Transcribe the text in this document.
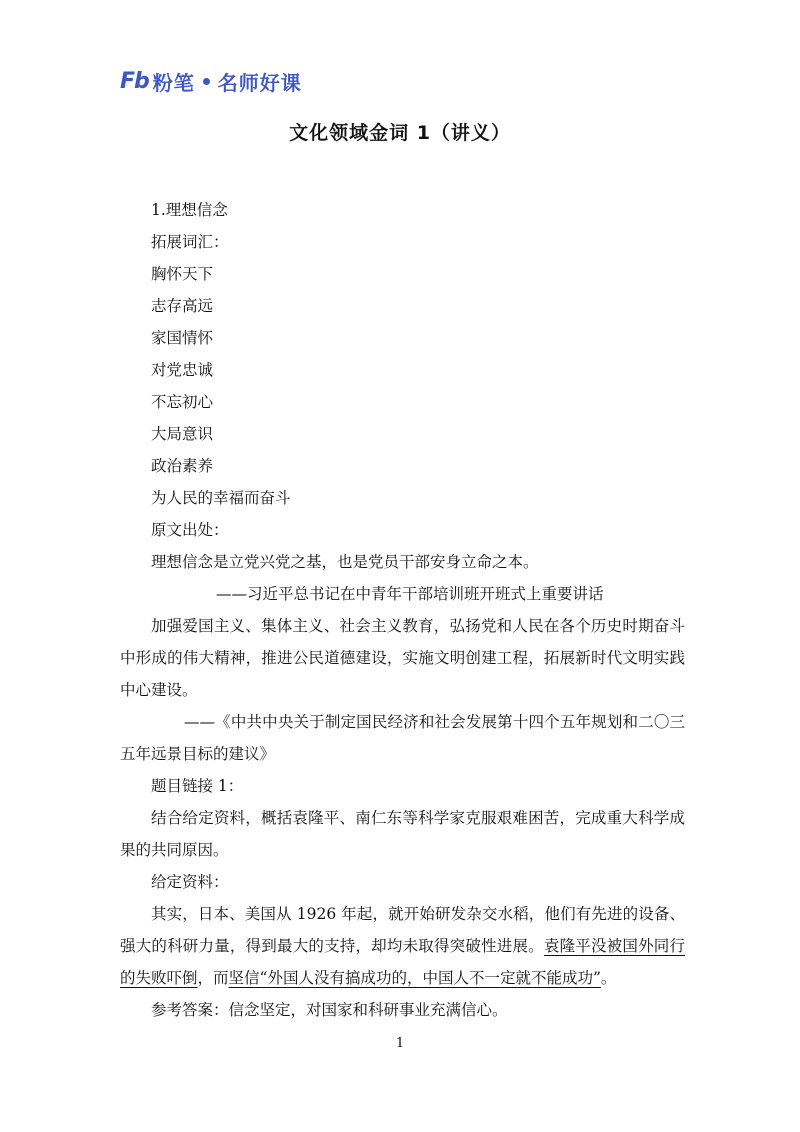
Fb 粉笔 名师好课
文化领域金词 1（讲义）

1.理想信念

拓展词汇：

胸怀天下

志存高远

家国情怀

对党忠诚

不忘初心

大局意识

政治素养

为人民的幸福而奋斗

原文出处：

理想信念是立党兴党之基，也是党员干部安身立命之本。

——习近平总书记在中青年干部培训班开班式上重要讲话

加强爱国主义、集体主义、社会主义教育，弘扬党和人民在各个历史时期奋斗中形成的伟大精神，推进公民道德建设，实施文明创建工程，拓展新时代文明实践中心建设。

——《中共中央关于制定国民经济和社会发展第十四个五年规划和二〇三五年远景目标的建议》

题目链接 1：

结合给定资料，概括袁隆平、南仁东等科学家克服艰难困苦，完成重大科学成果的共同原因。

给定资料：

其实，日本、美国从 1926 年起，就开始研发杂交水稻，他们有先进的设备、强大的科研力量，得到最大的支持，却均未取得突破性进展。袁隆平没被国外同行的失败吓倒，而坚信“外国人没有搞成功的，中国人不一定就不能成功”。

参考答案：信念坚定，对国家和科研事业充满信心。

1
